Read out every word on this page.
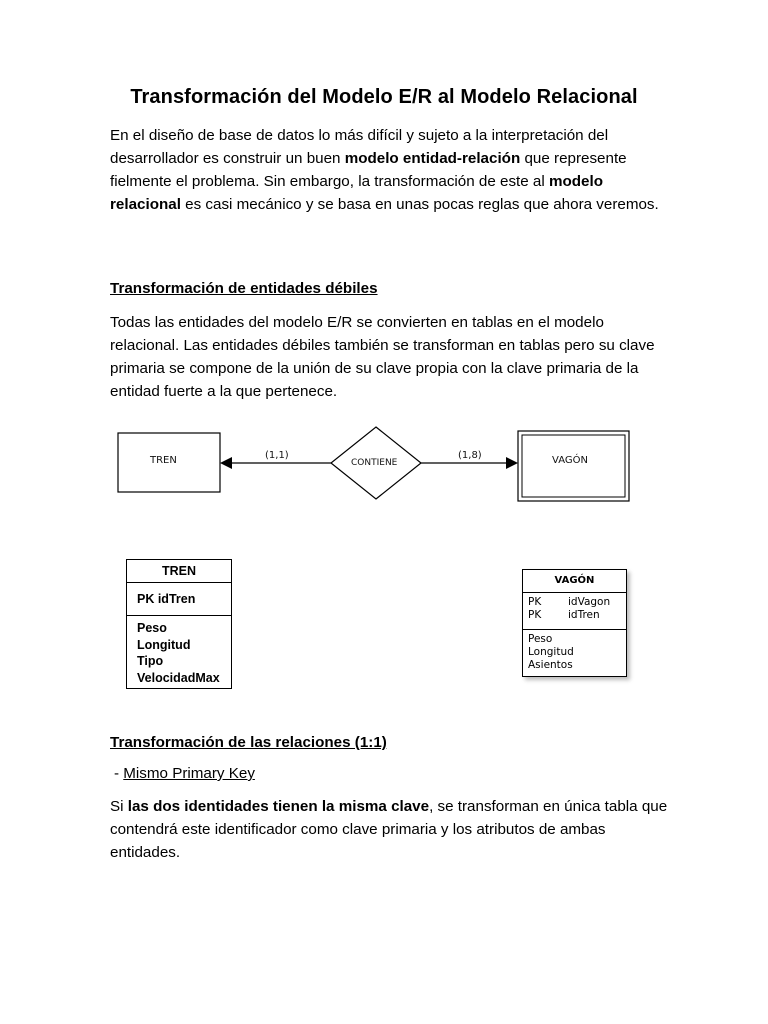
Transformación del Modelo E/R al Modelo Relacional

En el diseño de base de datos lo más difícil y sujeto a la interpretación del desarrollador es construir un buen modelo entidad-relación que represente fielmente el problema. Sin embargo, la transformación de este al modelo relacional es casi mecánico y se basa en unas pocas reglas que ahora veremos.

Transformación de entidades débiles

Todas las entidades del modelo E/R se convierten en tablas en el modelo relacional. Las entidades débiles también se transforman en tablas pero su clave primaria se compone de la unión de su clave propia con la clave primaria de la entidad fuerte a la que pertenece.

TREN	CONTIENE	VAGÓN
(1,1)	(1,8)
TREN
PK idTren
Peso
Longitud
Tipo
VelocidadMax
VAGÓN
PK	idVagon
PK	idTren
Peso
Longitud
Asientos

Transformación de las relaciones (1:1)

- Mismo Primary Key

Si las dos identidades tienen la misma clave, se transforman en única tabla que contendrá este identificador como clave primaria y los atributos de ambas entidades.
